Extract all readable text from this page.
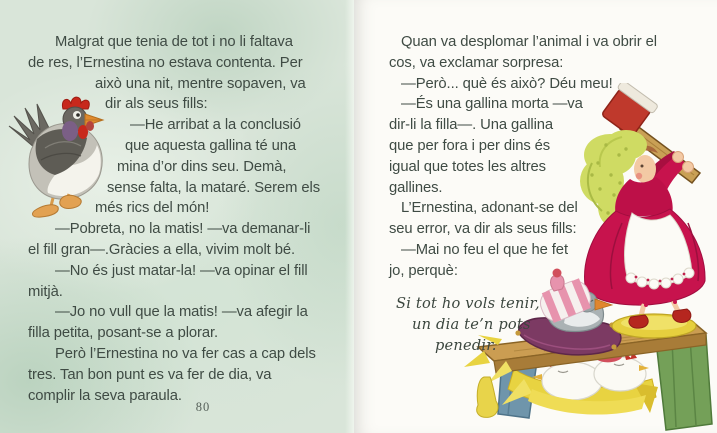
Malgrat que tenia de tot i no li faltava
de res, l’Ernestina no estava contenta. Per
això una nit, mentre sopaven, va
dir als seus fills:
—He arribat a la conclusió
que aquesta gallina té una
mina d’or dins seu. Demà,
sense falta, la mataré. Serem els
més rics del món!
—Pobreta, no la matis! —va demanar-li
el fill gran—.Gràcies a ella, vivim molt bé.
—No és just matar-la! —va opinar el fill
mitjà.
—Jo no vull que la matis! —va afegir la
filla petita, posant-se a plorar.
Però l’Ernestina no va fer cas a cap dels
tres. Tan bon punt es va fer de dia, va
complir la seva paraula.
80
Quan va desplomar l’animal i va obrir el
cos, va exclamar sorpresa:
—Però... què és això? Déu meu!
—És una gallina morta —va
dir-li la filla—. Una gallina
que per fora i per dins és
igual que totes les altres
gallines.
L’Ernestina, adonant-se del
seu error, va dir als seus fills:
—Mai no feu el que he fet
jo, perquè:
Si tot ho vols tenir,
un dia te’n pots
penedir.
